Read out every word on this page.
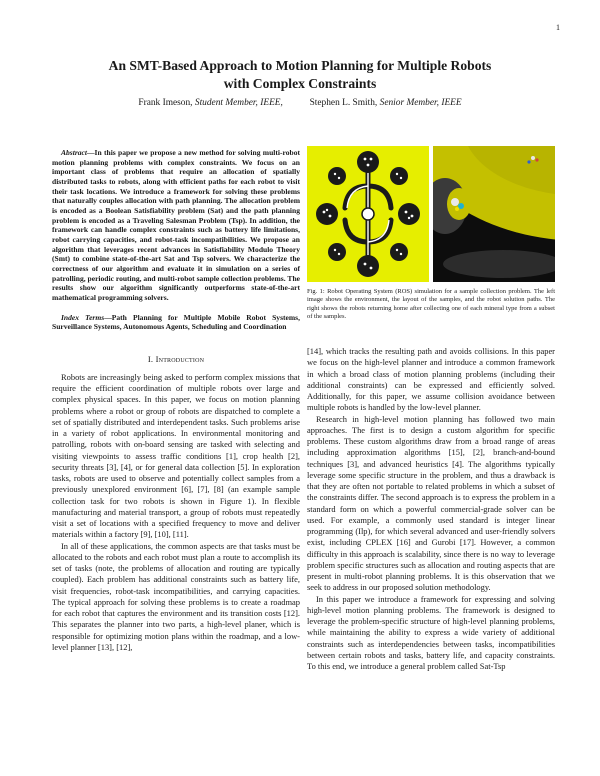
1
An SMT-Based Approach to Motion Planning for Multiple Robots
with Complex Constraints
Frank Imeson, Student Member, IEEE,	Stephen L. Smith, Senior Member, IEEE

Abstract—In this paper we propose a new method for solving multi-robot motion planning problems with complex constraints. We focus on an important class of problems that require an allocation of spatially distributed tasks to robots, along with efficient paths for each robot to visit their task locations. We introduce a framework for solving these problems that naturally couples allocation with path planning. The allocation problem is encoded as a Boolean Satisfiability problem (Sat) and the path planning problem is encoded as a Traveling Salesman Problem (Tsp). In addition, the framework can handle complex constraints such as battery life limitations, robot carrying capacities, and robot-task incompatibilities. We propose an algorithm that leverages recent advances in Satisfiability Modulo Theory (Smt) to combine state-of-the-art Sat and Tsp solvers. We characterize the correctness of our algorithm and evaluate it in simulation on a series of patrolling, periodic routing, and multi-robot sample collection problems. The results show our algorithm significantly outperforms state-of-the-art mathematical programming solvers.

Index Terms—Path Planning for Multiple Mobile Robot Systems, Surveillance Systems, Autonomous Agents, Scheduling and Coordination

I. Introduction

Robots are increasingly being asked to perform complex missions that require the efficient coordination of multiple robots over large and complex physical spaces. In this paper, we focus on motion planning problems where a robot or group of robots are dispatched to complete a set of spatially distributed and interdependent tasks. Such problems arise in a variety of robot applications. In environmental monitoring and patrolling, robots with on-board sensing are tasked with selecting and visiting viewpoints to assess traffic conditions [1], crop health [2], security threats [3], [4], or for general data collection [5]. In exploration tasks, robots are used to observe and potentially collect samples from a previously unexplored environment [6], [7], [8] (an example sample collection task for two robots is shown in Figure 1). In flexible manufacturing and material transport, a group of robots must repeatedly visit a set of locations with a specified frequency to move and deliver materials within a factory [9], [10], [11].

In all of these applications, the common aspects are that tasks must be allocated to the robots and each robot must plan a route to accomplish its set of tasks (note, the problems of allocation and routing are typically coupled). Each problem has additional constraints such as battery life, visit frequencies, robot-task incompatibilities, and carrying capacities. The typical approach for solving these problems is to create a roadmap for each robot that captures the environment and its transition costs [12]. This separates the planner into two parts, a high-level planer, which is responsible for optimizing motion plans within the roadmap, and a low-level planner [13], [12],

Fig. 1: Robot Operating System (ROS) simulation for a sample collection problem. The left image shows the environment, the layout of the samples, and the robot solution paths. The right shows the robots returning home after collecting one of each mineral type from a subset of the samples.

[14], which tracks the resulting path and avoids collisions. In this paper we focus on the high-level planner and introduce a common framework in which a broad class of motion planning problems (including their additional constraints) can be expressed and efficiently solved. Additionally, for this paper, we assume collision avoidance between multiple robots is handled by the low-level planner.

Research in high-level motion planning has followed two main approaches. The first is to design a custom algorithm for specific problems. These custom algorithms draw from a broad range of areas including approximation algorithms [15], [2], branch-and-bound techniques [3], and advanced heuristics [4]. The algorithms typically leverage some specific structure in the problem, and thus a drawback is that they are often not portable to related problems in which a subset of the constraints differ. The second approach is to express the problem in a standard form on which a powerful commercial-grade solver can be used. For example, a commonly used standard is integer linear programming (Ilp), for which several advanced and user-friendly solvers exist, including CPLEX [16] and Gurobi [17]. However, a common difficulty in this approach is scalability, since there is no way to leverage problem specific structures such as allocation and routing aspects that are present in multi-robot planning problems. It is this observation that we seek to address in our proposed solution methodology.

In this paper we introduce a framework for expressing and solving high-level motion planning problems. The framework is designed to leverage the problem-specific structure of high-level planning problems, while maintaining the ability to express a wide variety of additional constraints such as interdependencies between tasks, incompatibilities between certain robots and tasks, battery life, and capacity constraints. To this end, we introduce a general problem called Sat-Tsp
